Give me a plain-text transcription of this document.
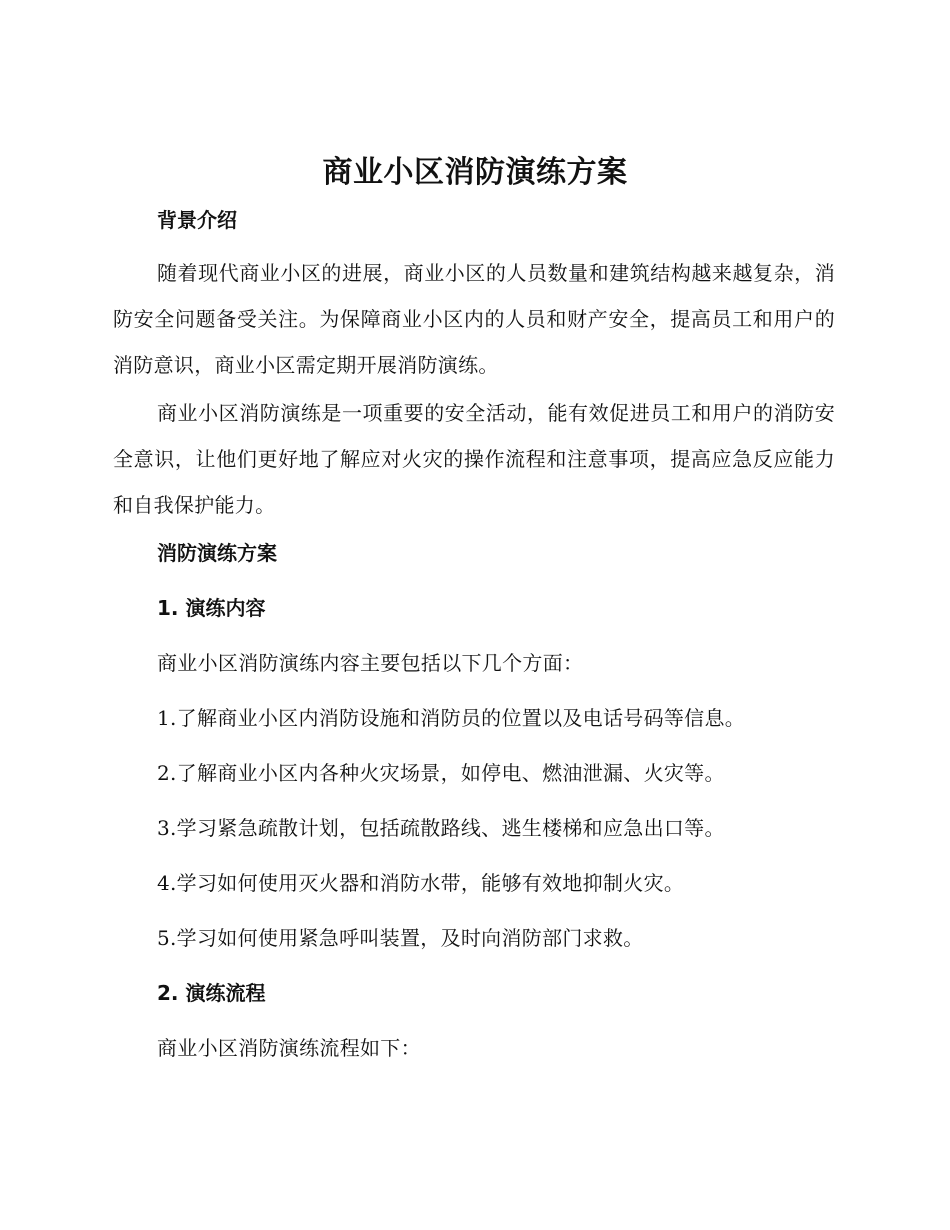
商业小区消防演练方案
背景介绍
随着现代商业小区的进展，商业小区的人员数量和建筑结构越来越复杂，消防安全问题备受关注。为保障商业小区内的人员和财产安全，提高员工和用户的消防意识，商业小区需定期开展消防演练。
商业小区消防演练是一项重要的安全活动，能有效促进员工和用户的消防安全意识，让他们更好地了解应对火灾的操作流程和注意事项，提高应急反应能力和自我保护能力。
消防演练方案
1. 演练内容
商业小区消防演练内容主要包括以下几个方面：
1.了解商业小区内消防设施和消防员的位置以及电话号码等信息。
2.了解商业小区内各种火灾场景，如停电、燃油泄漏、火灾等。
3.学习紧急疏散计划，包括疏散路线、逃生楼梯和应急出口等。
4.学习如何使用灭火器和消防水带，能够有效地抑制火灾。
5.学习如何使用紧急呼叫装置，及时向消防部门求救。
2. 演练流程
商业小区消防演练流程如下：
